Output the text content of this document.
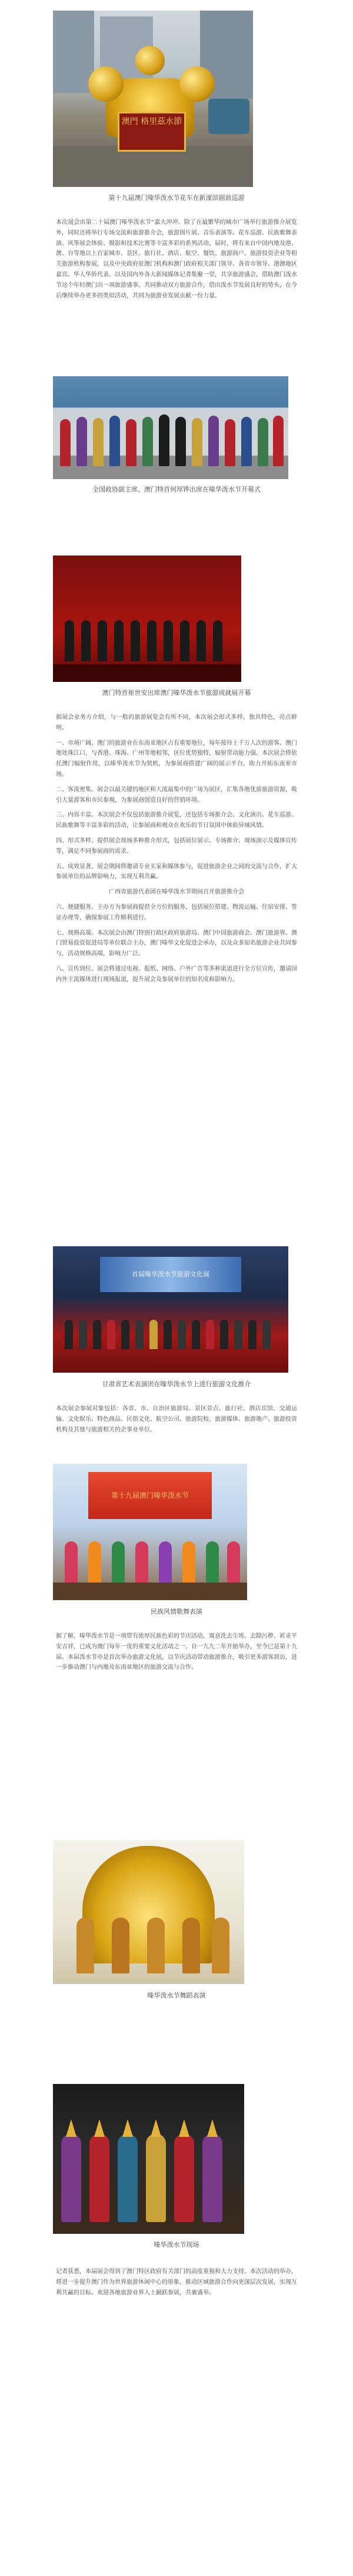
澳門 格里茲水節
第十九届澳门嗪华泼水节花车在新濠滨剧前巡游

本次展会由第二十届澳门嗪华泼水节“嘉大冲冲。除了在最繁华的城市广场举行旅游推介展览外，同时还将举行专场交流和旅游推介会，旅游图片展、音乐表演等。花车巡游、民族歌舞表演、风筝展会体验、摄影和技术比赛等丰富多彩的系列活动。届时，将有来自中国内地及港、澳、台等地以上百家城市、景区、旅行社、酒店、航空、餐饮、旅游商户、旅游投资企业等相关旅游机构参展，以及中央政府驻澳门机构和澳门政府相关部门领导、各省市领导、港澳地区嘉宾、华人华侨代表。以及国内外各大新闻媒体记者集聚一堂，共享旅游盛会，借助澳门泼水节这个年轻澳门出一项旅游盛事，共同推动双方旅游合作，借由泼水节发展良好的势头，在今后继续举办更多的类似活动，共同为旅游业发展贡献一份力量。

全国政协副主席、澳门特首何厚铧出席在嗪华泼水节开幕式
澳门特首崔世安出席澳门嗪华泼水节旅游成就展开幕
据展会业务方介绍，与一般的旅游展览会有所不同，本次展会形式多样，独具特色，亮点鲜明。
一、市场广阔。澳门的旅游业在东南亚地区占有重要地位，每年接待上千万人次的游客。澳门地处珠江口，与香港、珠海、广州等地相邻，区位优势独特，辐射带动能力强。本次展会将依托澳门辐射作用，以嗪华泼水节为契机，为参展商搭建广阔的展示平台，助力开拓东南亚市场。
二、客流密集。展会以最关键的地区和人流最集中的广场为展区，汇集各地优质旅游资源，吸引大量游客和市民参观，为参展商创造良好的营销环境。
三、内容丰富。本次展会不仅包括旅游推介展览，还包括专场推介会、文化演出、花车巡游、民族歌舞等丰富多彩的活动，让参展商和观众在欢乐的节日氛围中体验异域风情。
四、形式多样。提供展会现场多种推介形式，包括展位展示、专场推介、现场演示及媒体宣传等，满足不同参展商的需求。
五、成效显著。展会期间将邀请专业买家和媒体参与，促进旅游企业之间的交流与合作，扩大参展单位的品牌影响力，实现互利共赢。
广西省旅游代表团在嗪华泼水节期间召开旅游推介会
六、便捷服务。主办方为参展商提供全方位的服务，包括展位搭建、物流运输、住宿安排、签证办理等，确保参展工作顺利进行。
七、规格高端。本次展会由澳门特别行政区政府旅游局、澳门中国旅游商会、澳门旅游界、澳门贸易投资促进局等单位联合主办，澳门嗪华文化促进会承办，以及众多知名旅游企业共同参与，活动规格高端，影响力广泛。
八、宣传到位。展会将通过电视、报纸、网络、户外广告等多种渠道进行全方位宣传，邀请国内外主流媒体进行现场报道，提升展会及参展单位的知名度和影响力。
首届嗪华泼水节旅游文化展
甘肃省艺术表演团在嗪华泼水节上进行旅游文化推介

本次展会参展对象包括：各省、市、自治区旅游局、景区景点、旅行社、酒店宾馆、交通运输、文化娱乐、特色商品、民俗文化、航空公司、旅游院校、旅游媒体、旅游地产、旅游投资机构及其他与旅游相关的企事业单位。

第十九届澳门嗪华泼水节
民族风情歌舞表演

据了解，嗪华泼水节是一项带有浓厚民族色彩的节庆活动，寓意洗去尘埃、去除污秽、祈求平安吉祥，已成为澳门每年一度的重要文化活动之一。自一九九二年开始举办，至今已是第十九届。本届泼水节亦是首次举办旅游文化展，以节庆活动带动旅游推介，吸引更多游客到访，进一步推动澳门与内地及东南亚地区的旅游交流与合作。

嗪华泼水节舞蹈表演
嗪华泼水节现场

记者获悉，本届展会得到了澳门特区政府有关部门的高度重视和大力支持。本次活动的举办，将进一步提升澳门作为世界旅游休闲中心的形象，推动区域旅游合作向更深层次发展，实现互利共赢的目标。欢迎各地旅游业界人士踊跃参展，共襄盛举。
